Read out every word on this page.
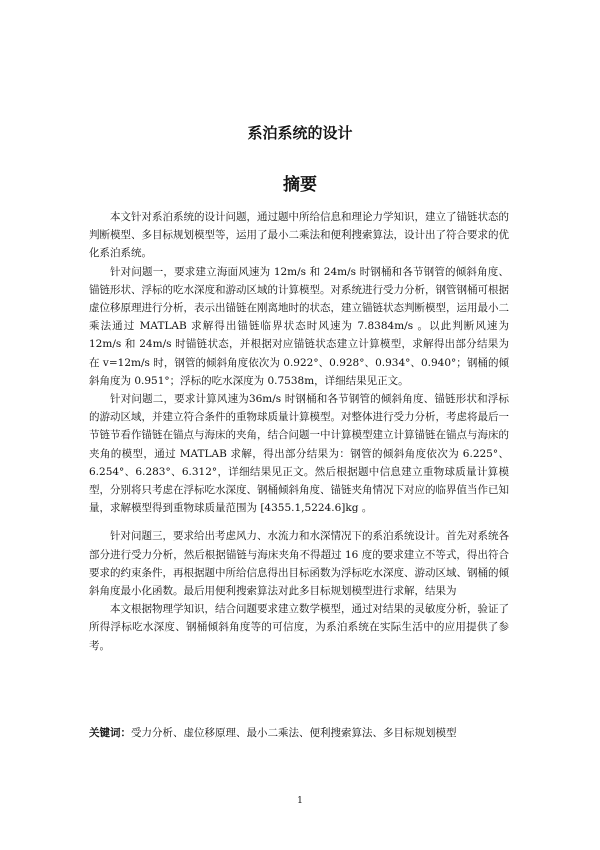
系泊系统的设计
摘要

本文针对系泊系统的设计问题，通过题中所给信息和理论力学知识，建立了锚链状态的判断模型、多目标规划模型等，运用了最小二乘法和便利搜索算法，设计出了符合要求的优化系泊系统。

针对问题一，要求建立海面风速为 12m/s 和 24m/s 时钢桶和各节钢管的倾斜角度、锚链形状、浮标的吃水深度和游动区域的计算模型。对系统进行受力分析，钢管钢桶可根据虚位移原理进行分析，表示出锚链在刚离地时的状态，建立锚链状态判断模型，运用最小二乘法通过 MATLAB 求解得出锚链临界状态时风速为 7.8384m/s 。以此判断风速为12m/s 和 24m/s 时锚链状态，并根据对应锚链状态建立计算模型，求解得出部分结果为在 v=12m/s 时，钢管的倾斜角度依次为 0.922°、0.928°、0.934°、0.940°；钢桶的倾斜角度为 0.951°；浮标的吃水深度为 0.7538m，详细结果见正文。

针对问题二，要求计算风速为36m/s 时钢桶和各节钢管的倾斜角度、锚链形状和浮标的游动区域，并建立符合条件的重物球质量计算模型。对整体进行受力分析，考虑将最后一节链节看作锚链在锚点与海床的夹角，结合问题一中计算模型建立计算锚链在锚点与海床的夹角的模型，通过 MATLAB 求解，得出部分结果为：钢管的倾斜角度依次为 6.225°、6.254°、6.283°、6.312°，详细结果见正文。然后根据题中信息建立重物球质量计算模型，分别将只考虑在浮标吃水深度、钢桶倾斜角度、锚链夹角情况下对应的临界值当作已知量，求解模型得到重物球质量范围为 [4355.1,5224.6]kg 。

针对问题三，要求给出考虑风力、水流力和水深情况下的系泊系统设计。首先对系统各部分进行受力分析，然后根据锚链与海床夹角不得超过 16 度的要求建立不等式，得出符合要求的约束条件，再根据题中所给信息得出目标函数为浮标吃水深度、游动区域、钢桶的倾斜角度最小化函数。最后用便利搜索算法对此多目标规划模型进行求解，结果为

本文根据物理学知识，结合问题要求建立数学模型，通过对结果的灵敏度分析，验证了所得浮标吃水深度、钢桶倾斜角度等的可信度，为系泊系统在实际生活中的应用提供了参考。

关键词：受力分析、虚位移原理、最小二乘法、便利搜索算法、多目标规划模型
1
